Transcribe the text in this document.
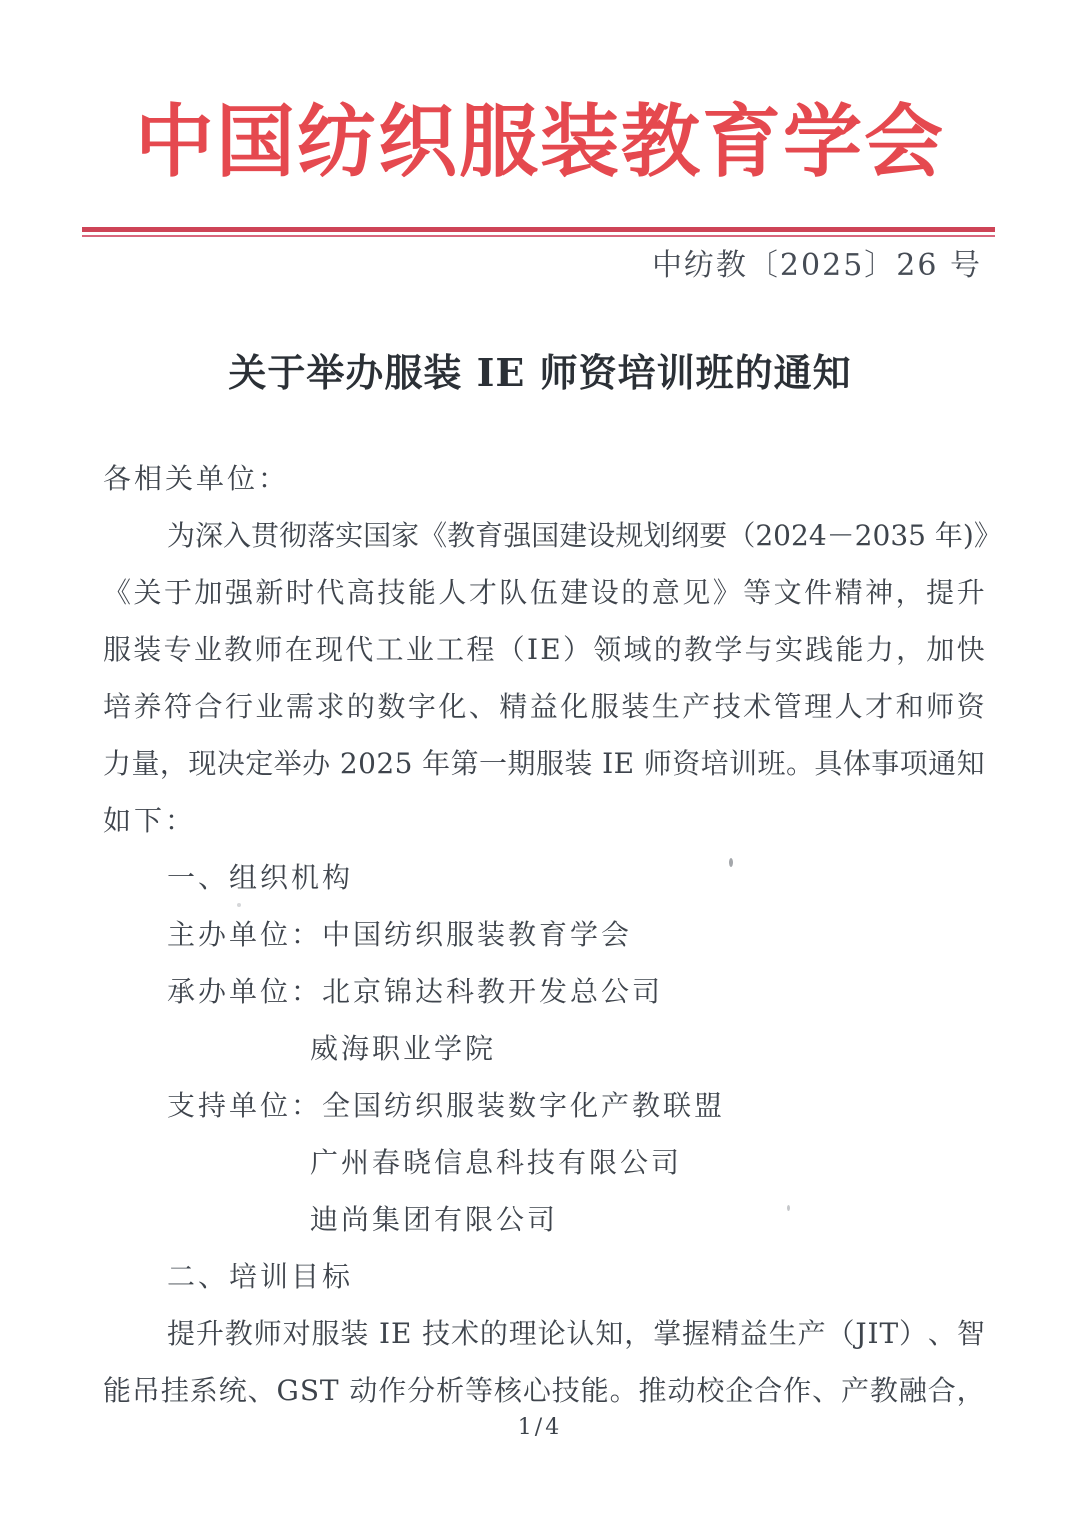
中国纺织服装教育学会
中纺教〔2025〕26 号
关于举办服装 IE 师资培训班的通知
各相关单位：
为 深 入 贯 彻 落 实 国 家 《 教 育 强 国 建 设 规 划 纲 要 （ 2 0 2 4 － 2 0 3 5
年 ) 》
《 关 于 加 强 新 时 代 高 技 能 人 才 队 伍 建 设 的 意 见 》 等 文 件 精 神 ， 提 升
服 装 专 业 教 师 在 现 代 工 业 工 程 （ I E ） 领 域 的 教 学 与 实 践 能 力 ， 加 快
培 养 符 合 行 业 需 求 的 数 字 化 、 精 益 化 服 装 生 产 技 术 管 理 人 才 和 师 资
力 量 ， 现 决 定 举 办
2 0 2 5
年 第 一 期 服 装
I E
师 资 培 训 班 。 具 体 事 项 通 知
如下：
一、组织机构
主办单位：中国纺织服装教育学会
承办单位：北京锦达科教开发总公司
威海职业学院
支持单位：全国纺织服装数字化产教联盟
广州春晓信息科技有限公司
迪尚集团有限公司
二、培训目标
提 升 教 师 对 服 装
I E
技 术 的 理 论 认 知 ， 掌 握 精 益 生 产 （ J I T ） 、 智
能 吊 挂 系 统 、 G S T
动 作 分 析 等 核 心 技 能 。 推 动 校 企 合 作 、 产 教 融 合 ，
1/4
